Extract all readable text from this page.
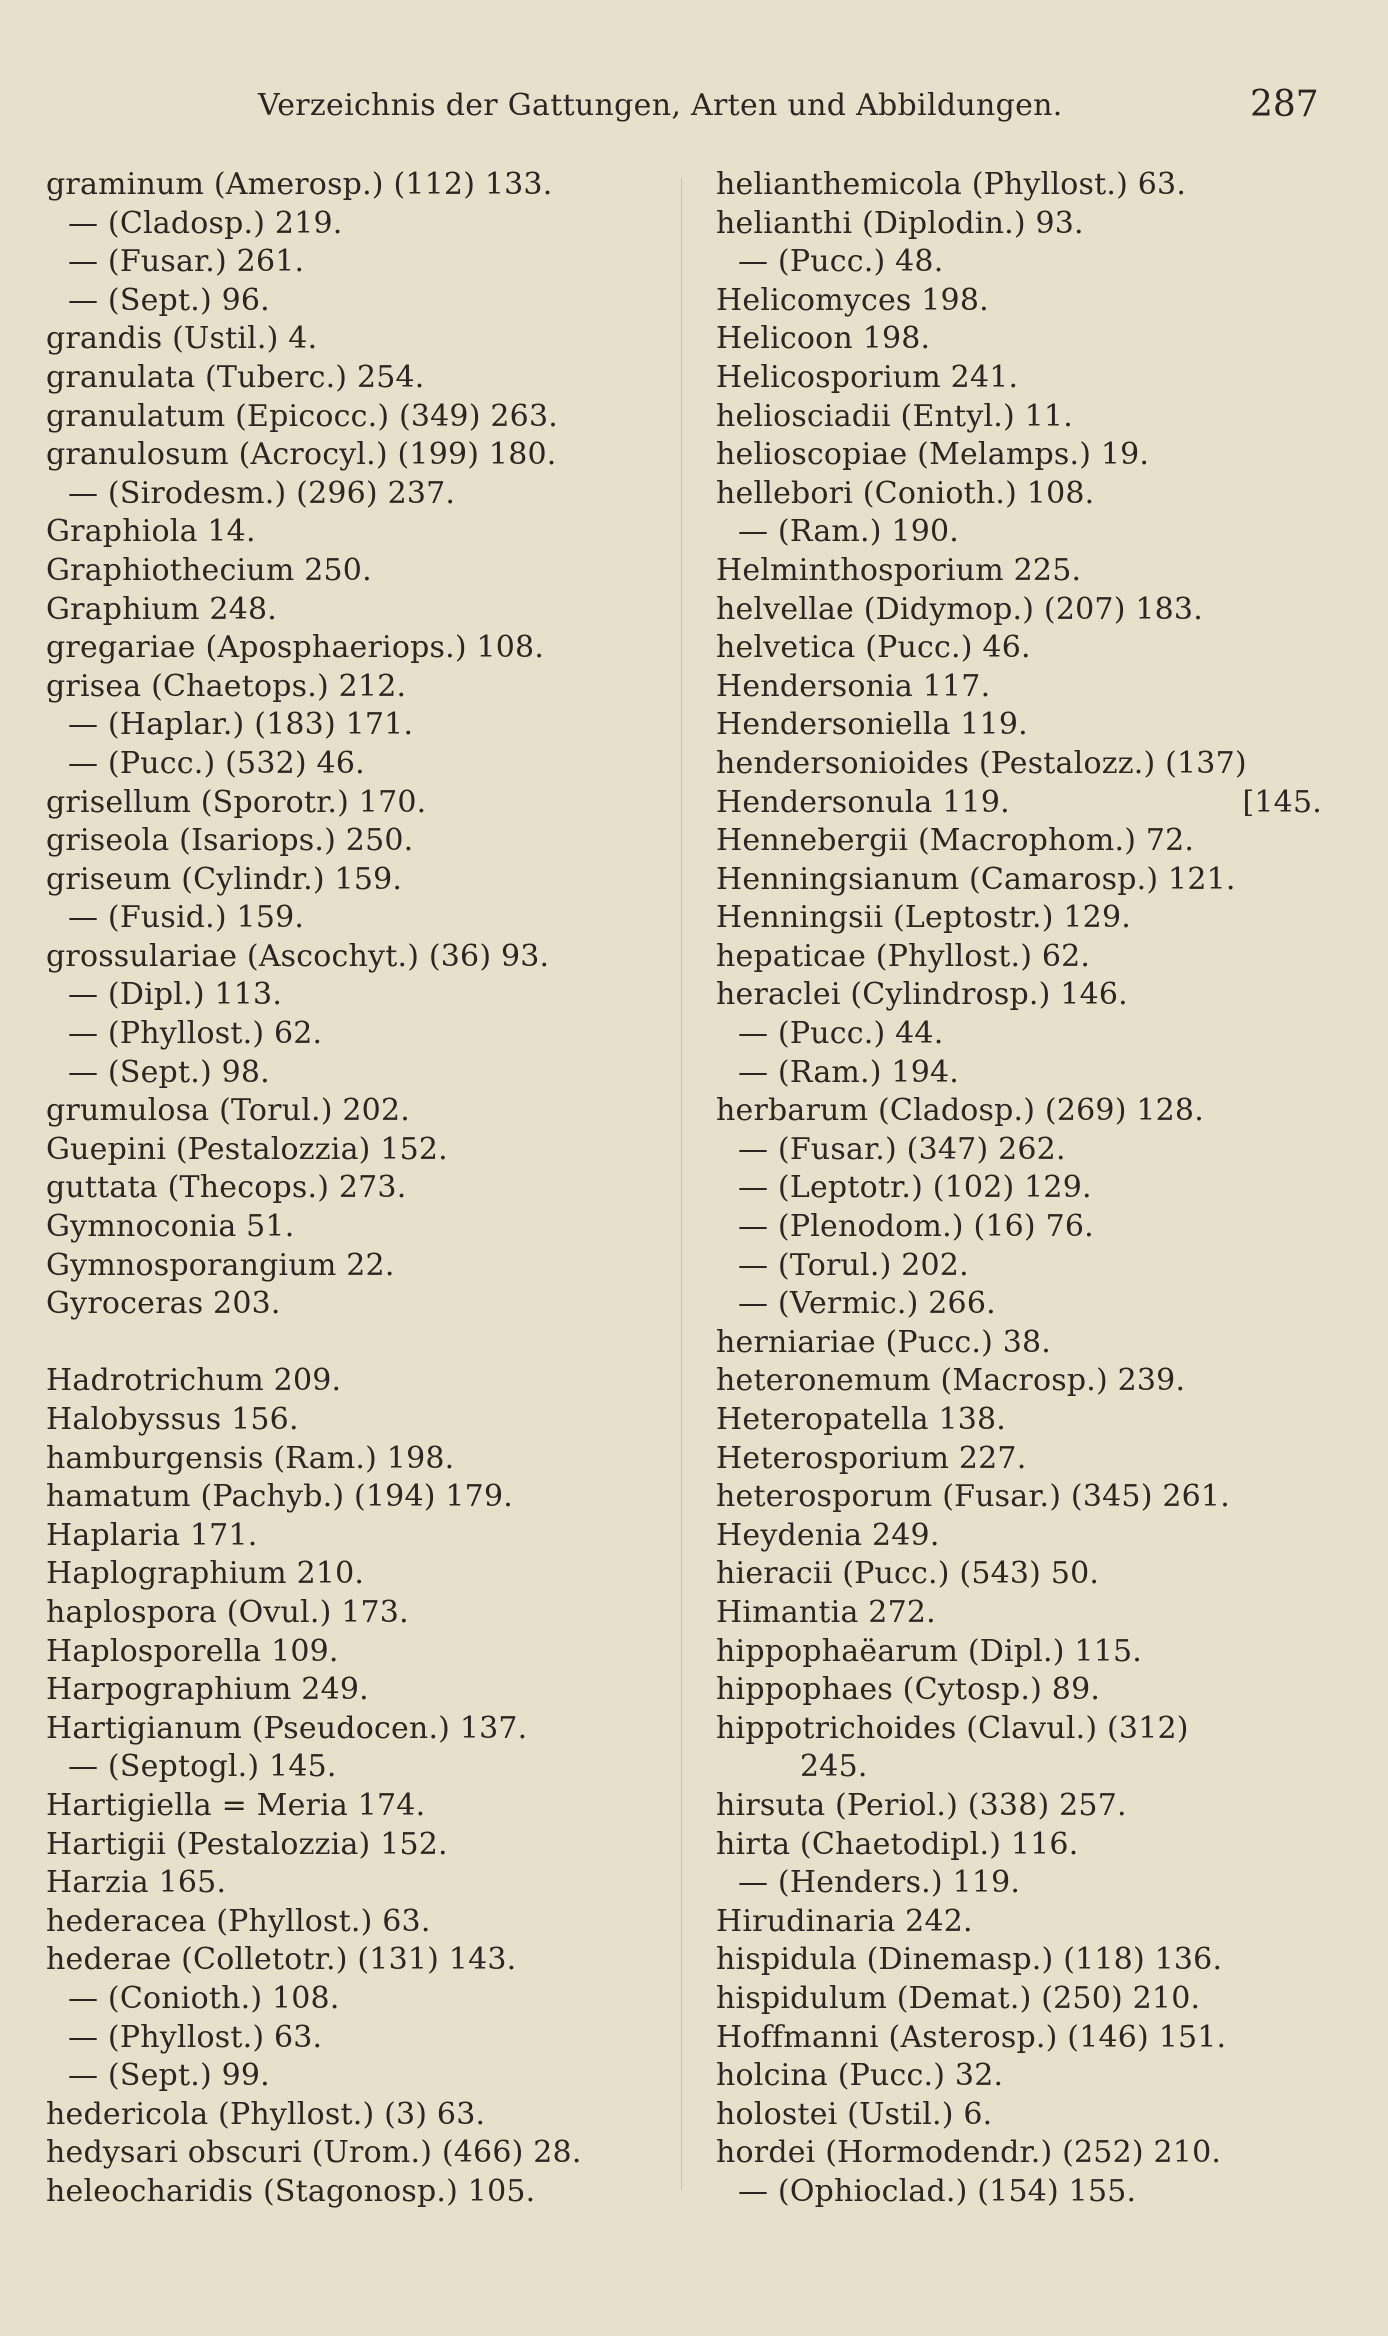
Verzeichnis der Gattungen, Arten und Abbildungen.	287
graminum (Amerosp.) (112) 133.
— (Cladosp.) 219.
— (Fusar.) 261.
— (Sept.) 96.
grandis (Ustil.) 4.
granulata (Tuberc.) 254.
granulatum (Epicocc.) (349) 263.
granulosum (Acrocyl.) (199) 180.
— (Sirodesm.) (296) 237.
Graphiola 14.
Graphiothecium 250.
Graphium 248.
gregariae (Aposphaeriops.) 108.
grisea (Chaetops.) 212.
— (Haplar.) (183) 171.
— (Pucc.) (532) 46.
grisellum (Sporotr.) 170.
griseola (Isariops.) 250.
griseum (Cylindr.) 159.
— (Fusid.) 159.
grossulariae (Ascochyt.) (36) 93.
— (Dipl.) 113.
— (Phyllost.) 62.
— (Sept.) 98.
grumulosa (Torul.) 202.
Guepini (Pestalozzia) 152.
guttata (Thecops.) 273.
Gymnoconia 51.
Gymnosporangium 22.
Gyroceras 203.
Hadrotrichum 209.
Halobyssus 156.
hamburgensis (Ram.) 198.
hamatum (Pachyb.) (194) 179.
Haplaria 171.
Haplographium 210.
haplospora (Ovul.) 173.
Haplosporella 109.
Harpographium 249.
Hartigianum (Pseudocen.) 137.
— (Septogl.) 145.
Hartigiella = Meria 174.
Hartigii (Pestalozzia) 152.
Harzia 165.
hederacea (Phyllost.) 63.
hederae (Colletotr.) (131) 143.
— (Conioth.) 108.
— (Phyllost.) 63.
— (Sept.) 99.
hedericola (Phyllost.) (3) 63.
hedysari obscuri (Urom.) (466) 28.
heleocharidis (Stagonosp.) 105.
helianthemicola (Phyllost.) 63.
helianthi (Diplodin.) 93.
— (Pucc.) 48.
Helicomyces 198.
Helicoon 198.
Helicosporium 241.
heliosciadii (Entyl.) 11.
helioscopiae (Melamps.) 19.
hellebori (Conioth.) 108.
— (Ram.) 190.
Helminthosporium 225.
helvellae (Didymop.) (207) 183.
helvetica (Pucc.) 46.
Hendersonia 117.
Hendersoniella 119.
hendersonioides (Pestalozz.) (137)
Hendersonula 119.	[145.
Hennebergii (Macrophom.) 72.
Henningsianum (Camarosp.) 121.
Henningsii (Leptostr.) 129.
hepaticae (Phyllost.) 62.
heraclei (Cylindrosp.) 146.
— (Pucc.) 44.
— (Ram.) 194.
herbarum (Cladosp.) (269) 128.
— (Fusar.) (347) 262.
— (Leptotr.) (102) 129.
— (Plenodom.) (16) 76.
— (Torul.) 202.
— (Vermic.) 266.
herniariae (Pucc.) 38.
heteronemum (Macrosp.) 239.
Heteropatella 138.
Heterosporium 227.
heterosporum (Fusar.) (345) 261.
Heydenia 249.
hieracii (Pucc.) (543) 50.
Himantia 272.
hippophaëarum (Dipl.) 115.
hippophaes (Cytosp.) 89.
hippotrichoides (Clavul.) (312)
245.
hirsuta (Periol.) (338) 257.
hirta (Chaetodipl.) 116.
— (Henders.) 119.
Hirudinaria 242.
hispidula (Dinemasp.) (118) 136.
hispidulum (Demat.) (250) 210.
Hoffmanni (Asterosp.) (146) 151.
holcina (Pucc.) 32.
holostei (Ustil.) 6.
hordei (Hormodendr.) (252) 210.
— (Ophioclad.) (154) 155.
